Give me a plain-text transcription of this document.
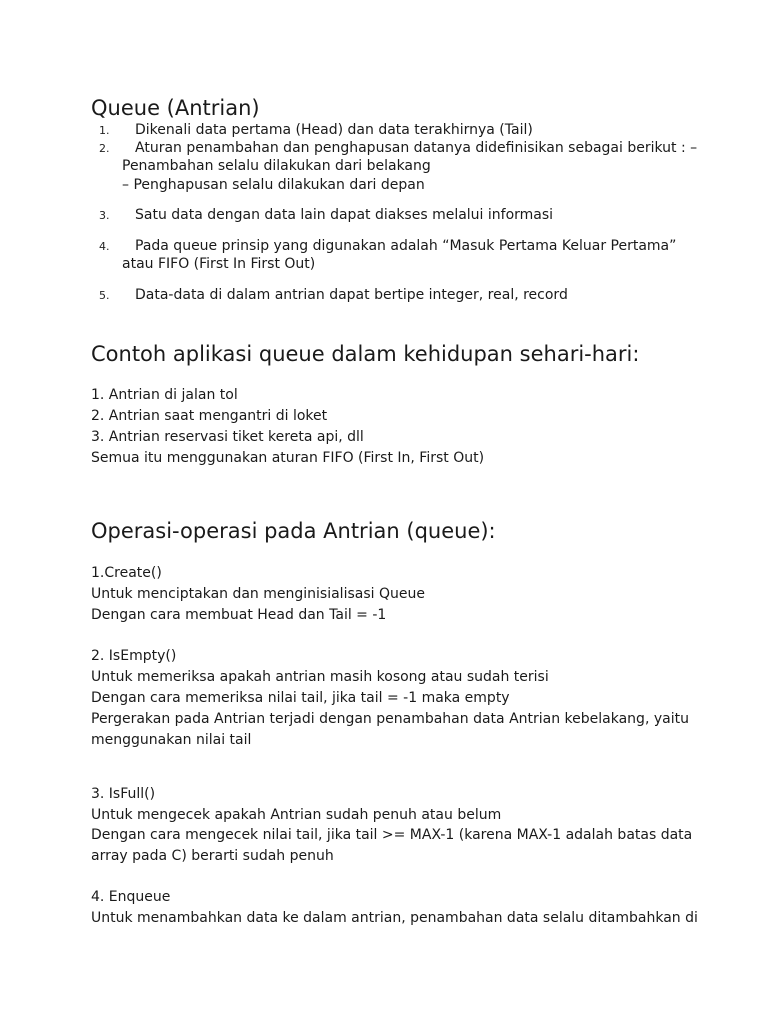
Queue (Antrian)
1. Dikenali data pertama (Head) dan data terakhirnya (Tail)
2. Aturan penambahan dan penghapusan datanya didefinisikan sebagai berikut : –
Penambahan selalu dilakukan dari belakang
– Penghapusan selalu dilakukan dari depan
3. Satu data dengan data lain dapat diakses melalui informasi
4. Pada queue prinsip yang digunakan adalah “Masuk Pertama Keluar Pertama”
atau FIFO (First In First Out)
5. Data-data di dalam antrian dapat bertipe integer, real, record
Contoh aplikasi queue dalam kehidupan sehari-hari:
1. Antrian di jalan tol
2. Antrian saat mengantri di loket
3. Antrian reservasi tiket kereta api, dll
Semua itu menggunakan aturan FIFO (First In, First Out)
Operasi-operasi pada Antrian (queue):
1.Create()
Untuk menciptakan dan menginisialisasi Queue
Dengan cara membuat Head dan Tail = -1
2. IsEmpty()
Untuk memeriksa apakah antrian masih kosong atau sudah terisi
Dengan cara memeriksa nilai tail, jika tail = -1 maka empty
Pergerakan pada Antrian terjadi dengan penambahan data Antrian kebelakang, yaitu
menggunakan nilai tail
3. IsFull()
Untuk mengecek apakah Antrian sudah penuh atau belum
Dengan cara mengecek nilai tail, jika tail >= MAX-1 (karena MAX-1 adalah batas data
array pada C) berarti sudah penuh
4. Enqueue
Untuk menambahkan data ke dalam antrian, penambahan data selalu ditambahkan di
